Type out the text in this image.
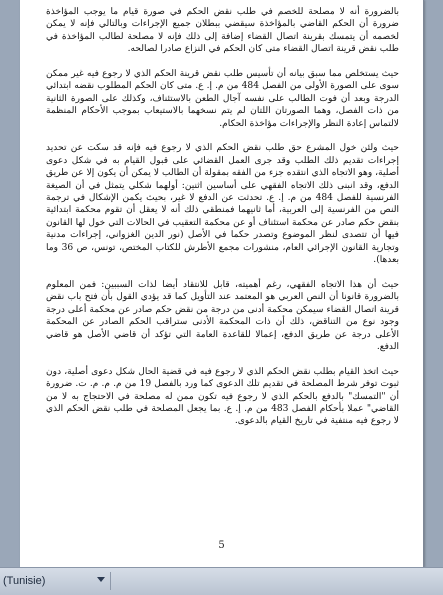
بالضرورة أنه لا مصلحة للخصم في طلب نقض الحكم في صورة قيام ما يوجب المؤاخذة ضرورة أن الحكم القاضي بالمؤاخذة سيقضي ببطلان جميع الإجراءات وبالتالي فإنه لا يمكن لخصمه أن يتمسك بقرينة اتصال القضاء إضافة إلى ذلك فإنه لا مصلحة لطالب المؤاخذة في طلب نقض قرينة اتصال القضاء متى كان الحكم في النزاع صادرا لصالحه.

حيث يستخلص مما سبق بيانه أن تأسيس طلب نقض قرينة الحكم الذي لا رجوع فيه غير ممكن سوى على الصورة الأولى من الفصل 484 من م. إ. ع. متى كان الحكم المطلوب نقضه ابتدائي الدرجة وبعد أن فوت الطالب على نفسه آجال الطعن بالاستئناف، وكذلك على الصورة الثانية من ذات الفصل، وهما الصورتان اللتان لم يتم نسخهما بالاستيعاب بموجب الأحكام المنظمة لالتماس إعادة النظر والإجراءات مؤاخذة الحكام.

حيث ولئن خول المشرع حق طلب نقض الحكم الذي لا رجوع فيه فإنه قد سكت عن تحديد إجراءات تقديم ذلك الطلب وقد جرى العمل القضائي على قبول القيام به في شكل دعوى أصلية، وهو الاتجاه الذي انتقده جزء من الفقه بمقولة أن الطالب لا يمكن أن يكون إلا عن طريق الدفع، وقد انبنى ذلك الاتجاه الفقهي على أساسين اثنين: أولهما شكلي يتمثل في أن الصيغة الفرنسية للفصل 484 من م. إ. ع. تحدثت عن الدفع لا غير، بحيث يكمن الإشكال في ترجمة النص من الفرنسية إلى العربية، أما ثانيهما فمنطقي ذلك أنه لا يعقل أن تقوم محكمة ابتدائية بنقض حكم صادر عن محكمة استئناف أو عن محكمة التعقيب في الحالات التي خول لها القانون فيها أن تتصدى لنظر الموضوع وتصدر حكما في الأصل (نور الدين الغزواني، إجراءات مدنية وتجارية القانون الإجرائي العام، منشورات مجمع الأطرش للكتاب المختص، تونس، ص 36 وما بعدها).

حيث أن هذا الاتجاه الفقهي، رغم أهميته، قابل للانتقاد أيضا لذات السببين: فمن المعلوم بالضرورة قانونا أن النص العربي هو المعتمد عند التأويل كما قد يؤدي القول بأن فتح باب نقض قرينة اتصال القضاء سيمكن محكمة أدنى من درجة من نقض حكم صادر عن محكمة أعلى درجة وجود نوع من التناقض، ذلك أن ذات المحكمة الأدنى ستراقب الحكم الصادر عن المحكمة الأعلى درجة عن طريق الدفع، إعمالا للقاعدة العامة التي تؤكد أن قاضي الأصل هو قاضي الدفع.

حيث اتخذ القيام بطلب نقض الحكم الذي لا رجوع فيه في قضية الحال شكل دعوى أصلية، دون ثبوت توفر شرط المصلحة في تقديم تلك الدعوى كما ورد بالفصل 19 من م. م. م. ت. ضرورة أن "التمسك" بالدفع بالحكم الذي لا رجوع فيه تكون ممن له مصلحة في الاحتجاج به لا من القاضي" عملا بأحكام الفصل 483 من م. إ. ع. بما يجعل المصلحة في طلب نقض الحكم الذي لا رجوع فيه منتفية في تاريخ القيام بالدعوى.

5
(Tunisie)
